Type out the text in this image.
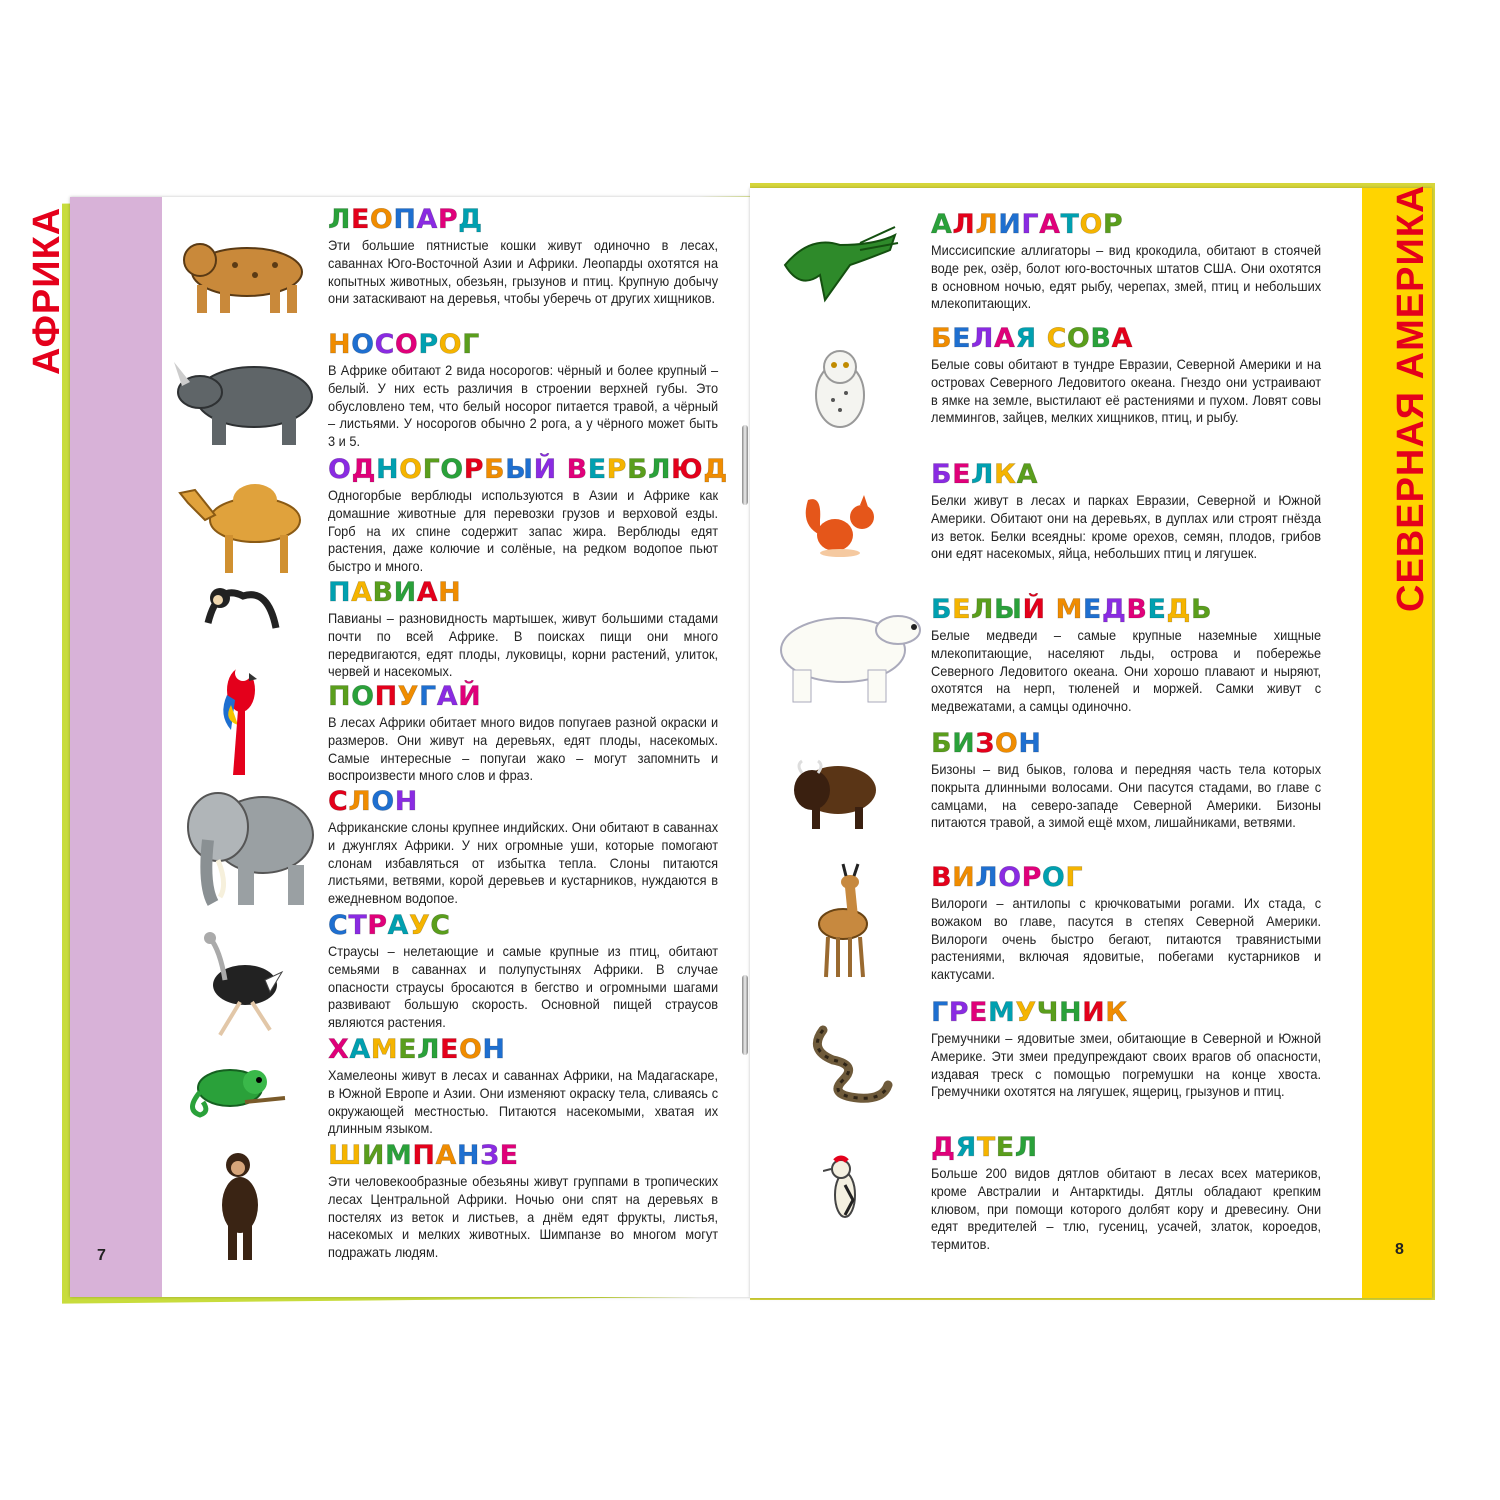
АФРИКА	СЕВЕРНАЯ АМЕРИКА
7	8
ЛЕОПАРД
Эти большие пятнистые кошки живут одиночно в лесах, саваннах Юго-Восточной Азии и Африки. Леопарды охотятся на копытных животных, обезьян, грызунов и птиц. Крупную добычу они затаскивают на деревья, чтобы уберечь от других хищников.
НОСОРОГ
В Африке обитают 2 вида носорогов: чёрный и более крупный – белый. У них есть различия в строении верхней губы. Это обусловлено тем, что белый носорог питается травой, а чёрный – листьями. У носорогов обычно 2 рога, а у чёрного может быть 3 и 5.
ОДНОГОРБЫЙ ВЕРБЛЮД
Одногорбые верблюды используются в Азии и Африке как домашние животные для перевозки грузов и верховой езды. Горб на их спине содержит запас жира. Верблюды едят растения, даже колючие и солёные, на редком водопое пьют быстро и много.
ПАВИАН
Павианы – разновидность мартышек, живут большими стадами почти по всей Африке. В поисках пищи они много передвигаются, едят плоды, луковицы, корни растений, улиток, червей и насекомых.
ПОПУГАЙ
В лесах Африки обитает много видов попугаев разной окраски и размеров. Они живут на деревьях, едят плоды, насекомых. Самые интересные – попугаи жако – могут запомнить и воспроизвести много слов и фраз.
СЛОН
Африканские слоны крупнее индийских. Они обитают в саваннах и джунглях Африки. У них огромные уши, которые помогают слонам избавляться от избытка тепла. Слоны питаются листьями, ветвями, корой деревьев и кустарников, нуждаются в ежедневном водопое.
СТРАУС
Страусы – нелетающие и самые крупные из птиц, обитают семьями в саваннах и полупустынях Африки. В случае опасности страусы бросаются в бегство и огромными шагами развивают большую скорость. Основной пищей страусов являются растения.
ХАМЕЛЕОН
Хамелеоны живут в лесах и саваннах Африки, на Мадагаскаре, в Южной Европе и Азии. Они изменяют окраску тела, сливаясь с окружающей местностью. Питаются насекомыми, хватая их длинным языком.
ШИМПАНЗЕ
Эти человекообразные обезьяны живут группами в тропических лесах Центральной Африки. Ночью они спят на деревьях в постелях из веток и листьев, а днём едят фрукты, листья, насекомых и мелких животных. Шимпанзе во многом могут подражать людям.
АЛЛИГАТОР
Миссисипские аллигаторы – вид крокодила, обитают в стоячей воде рек, озёр, болот юго-восточных штатов США. Они охотятся в основном ночью, едят рыбу, черепах, змей, птиц и небольших млекопитающих.
БЕЛАЯ СОВА
Белые совы обитают в тундре Евразии, Северной Америки и на островах Северного Ледовитого океана. Гнездо они устраивают в ямке на земле, выстилают её растениями и пухом. Ловят совы леммингов, зайцев, мелких хищников, птиц, и рыбу.
БЕЛКА
Белки живут в лесах и парках Евразии, Северной и Южной Америки. Обитают они на деревьях, в дуплах или строят гнёзда из веток. Белки всеядны: кроме орехов, семян, плодов, грибов они едят насекомых, яйца, небольших птиц и лягушек.
БЕЛЫЙ МЕДВЕДЬ
Белые медведи – самые крупные наземные хищные млекопитающие, населяют льды, острова и побережье Северного Ледовитого океана. Они хорошо плавают и ныряют, охотятся на нерп, тюленей и моржей. Самки живут с медвежатами, а самцы одиночно.
БИЗОН
Бизоны – вид быков, голова и передняя часть тела которых покрыта длинными волосами. Они пасутся стадами, во главе с самцами, на северо-западе Северной Америки. Бизоны питаются травой, а зимой ещё мхом, лишайниками, ветвями.
ВИЛОРОГ
Вилороги – антилопы с крючковатыми рогами. Их стада, с вожаком во главе, пасутся в степях Северной Америки. Вилороги очень быстро бегают, питаются травянистыми растениями, включая ядовитые, побегами кустарников и кактусами.
ГРЕМУЧНИК
Гремучники – ядовитые змеи, обитающие в Северной и Южной Америке. Эти змеи предупреждают своих врагов об опасности, издавая треск с помощью погремушки на конце хвоста. Гремучники охотятся на лягушек, ящериц, грызунов и птиц.
ДЯТЕЛ
Больше 200 видов дятлов обитают в лесах всех материков, кроме Австралии и Антарктиды. Дятлы обладают крепким клювом, при помощи которого долбят кору и древесину. Они едят вредителей – тлю, гусениц, усачей, златок, короедов, термитов.
